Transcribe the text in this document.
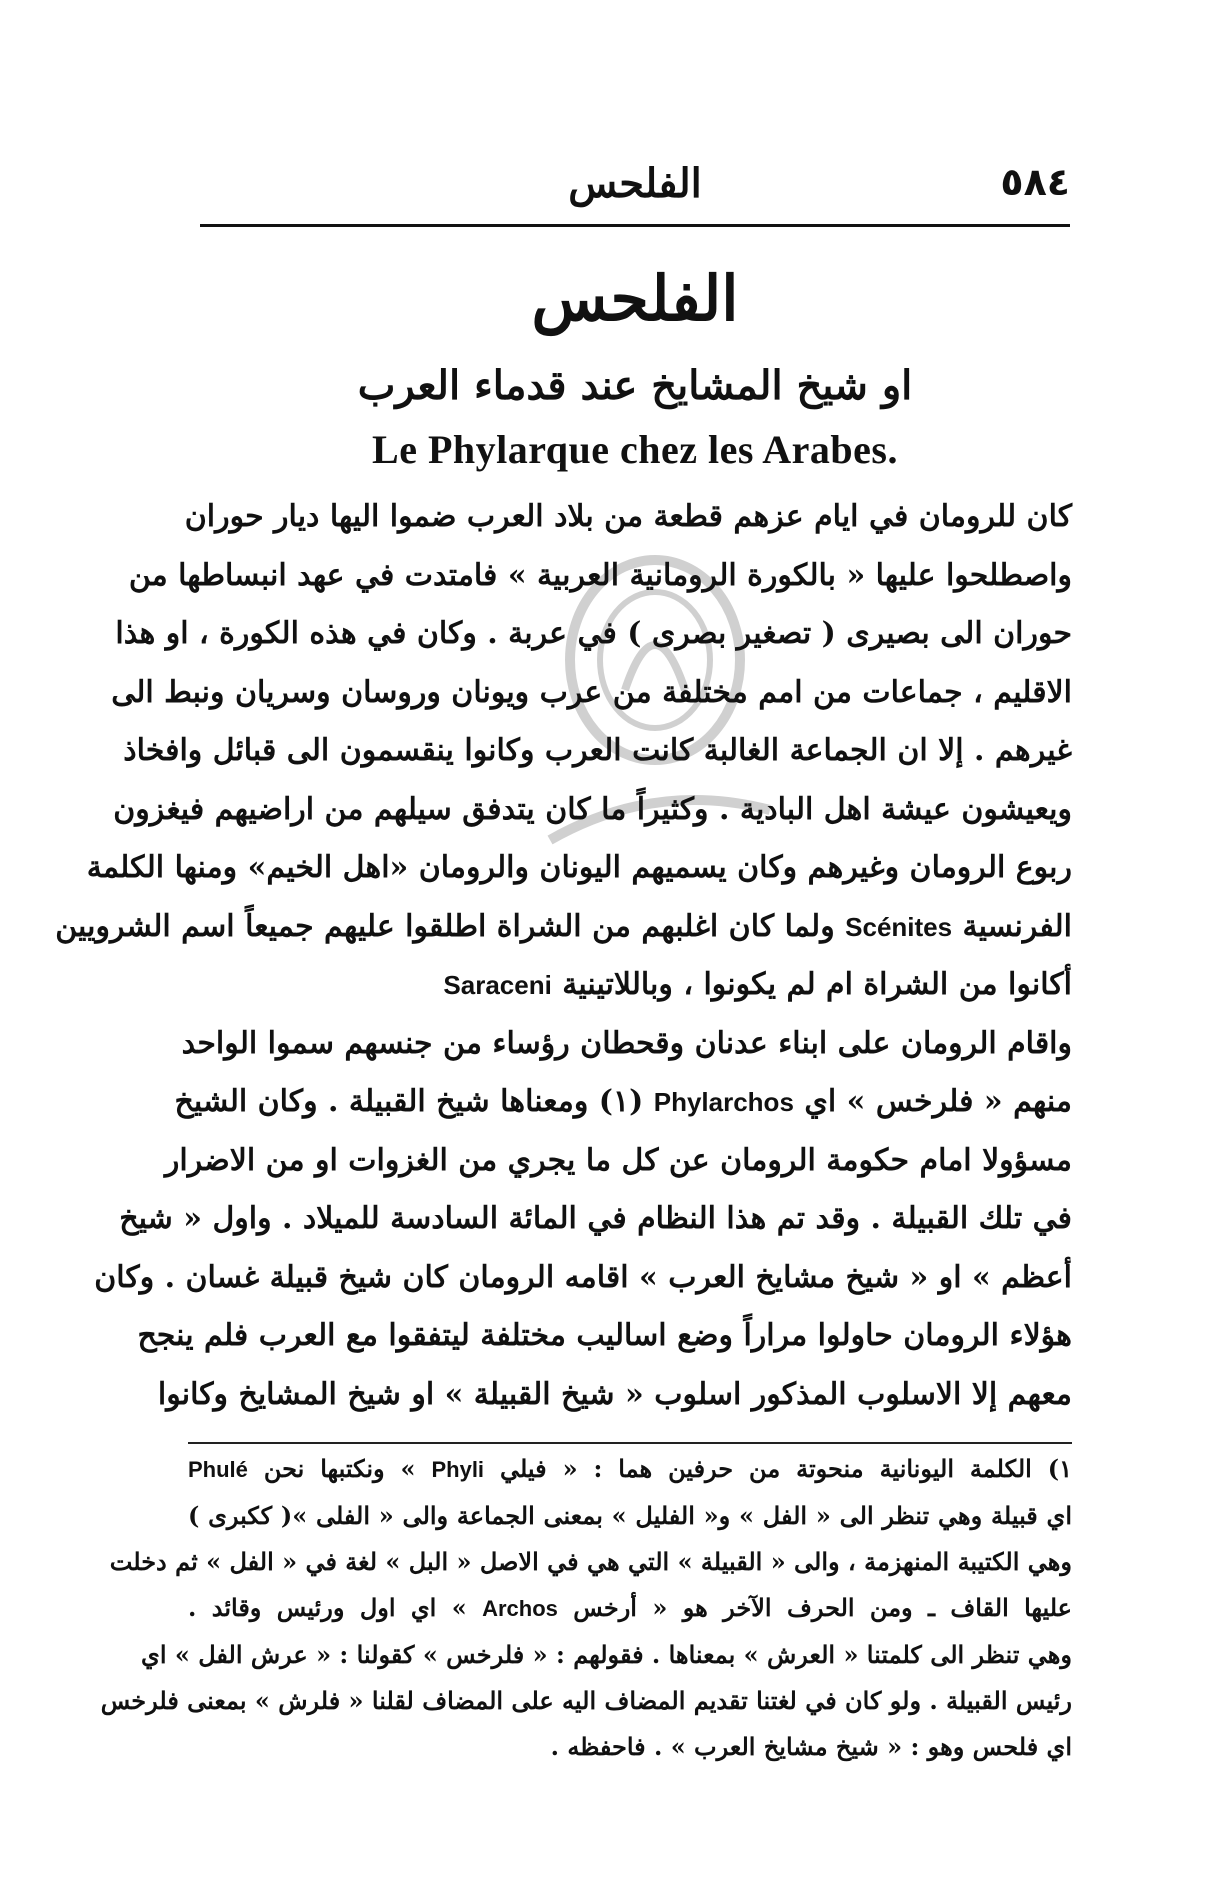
٥٨٤
الفلحس
الفلحس
او شيخ المشايخ عند قدماء العرب
Le Phylarque chez les Arabes.
كان للرومان في ايام عزهم قطعة من بلاد العرب ضموا اليها ديار حوران
واصطلحوا عليها « بالكورة الرومانية العربية » فامتدت في عهد انبساطها من
حوران الى بصيرى ( تصغير بصرى ) في عربة . وكان في هذه الكورة ، او هذا
الاقليم ، جماعات من امم مختلفة من عرب ويونان وروسان وسريان ونبط الى
غيرهم . إلا ان الجماعة الغالبة كانت العرب وكانوا ينقسمون الى قبائل وافخاذ
ويعيشون عيشة اهل البادية . وكثيراً ما كان يتدفق سيلهم من اراضيهم فيغزون
ربوع الرومان وغيرهم وكان يسميهم اليونان والرومان «اهل الخيم» ومنها الكلمة
الفرنسية Scénites ولما كان اغلبهم من الشراة اطلقوا عليهم جميعاً اسم الشرويين
أكانوا من الشراة ام لم يكونوا ، وباللاتينية Saraceni
واقام الرومان على ابناء عدنان وقحطان رؤساء من جنسهم سموا الواحد
منهم « فلرخس » اي Phylarchos (١) ومعناها شيخ القبيلة . وكان الشيخ
مسؤولا امام حكومة الرومان عن كل ما يجري من الغزوات او من الاضرار
في تلك القبيلة . وقد تم هذا النظام في المائة السادسة للميلاد . واول « شيخ
أعظم » او « شيخ مشايخ العرب » اقامه الرومان كان شيخ قبيلة غسان . وكان
هؤلاء الرومان حاولوا مراراً وضع اساليب مختلفة ليتفقوا مع العرب فلم ينجح
معهم إلا الاسلوب المذكور اسلوب « شيخ القبيلة » او شيخ المشايخ وكانوا
١) الكلمة اليونانية منحوتة من حرفين هما : « فيلي Phyli » ونكتبها نحن Phulé
اي قبيلة وهي تنظر الى « الفل » و« الفليل » بمعنى الجماعة والى « الفلى »( ككبرى )
وهي الكتيبة المنهزمة ، والى « القبيلة » التي هي في الاصل « البل » لغة في « الفل » ثم دخلت
عليها القاف ـ ومن الحرف الآخر هو « أرخس Archos » اي اول ورئيس وقائد .
وهي تنظر الى كلمتنا « العرش » بمعناها . فقولهم : « فلرخس » كقولنا : « عرش الفل » اي
رئيس القبيلة . ولو كان في لغتنا تقديم المضاف اليه على المضاف لقلنا « فلرش » بمعنى فلرخس
اي فلحس وهو : « شيخ مشايخ العرب » . فاحفظه .
